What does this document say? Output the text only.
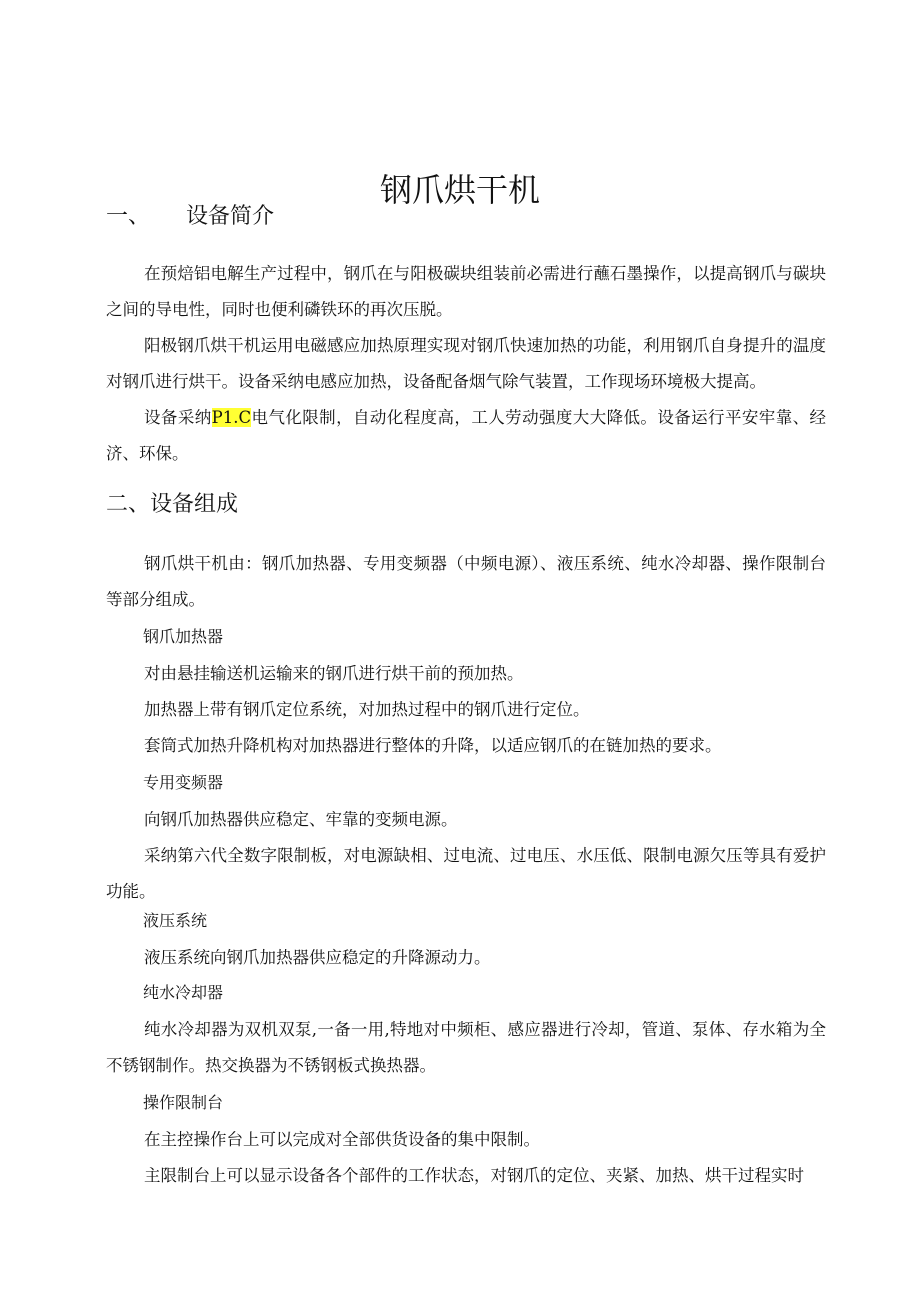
钢爪烘干机
一、 设备简介

在预焙铝电解生产过程中，钢爪在与阳极碳块组装前必需进行蘸石墨操作，以提高钢爪与碳块之间的导电性，同时也便利磷铁环的再次压脱。

阳极钢爪烘干机运用电磁感应加热原理实现对钢爪快速加热的功能，利用钢爪自身提升的温度对钢爪进行烘干。设备采纳电感应加热，设备配备烟气除气装置，工作现场环境极大提高。

设备采纳P1.C电气化限制，自动化程度高，工人劳动强度大大降低。设备运行平安牢靠、经济、环保。

二、设备组成

钢爪烘干机由：钢爪加热器、专用变频器（中频电源）、液压系统、纯水冷却器、操作限制台等部分组成。

钢爪加热器

对由悬挂输送机运输来的钢爪进行烘干前的预加热。

加热器上带有钢爪定位系统，对加热过程中的钢爪进行定位。

套筒式加热升降机构对加热器进行整体的升降，以适应钢爪的在链加热的要求。

专用变频器

向钢爪加热器供应稳定、牢靠的变频电源。

采纳第六代全数字限制板，对电源缺相、过电流、过电压、水压低、限制电源欠压等具有爱护功能。

液压系统

液压系统向钢爪加热器供应稳定的升降源动力。

纯水冷却器

纯水冷却器为双机双泵,一备一用,特地对中频柜、感应器进行冷却，管道、泵体、存水箱为全不锈钢制作。热交换器为不锈钢板式换热器。

操作限制台

在主控操作台上可以完成对全部供货设备的集中限制。

主限制台上可以显示设备各个部件的工作状态，对钢爪的定位、夹紧、加热、烘干过程实时
